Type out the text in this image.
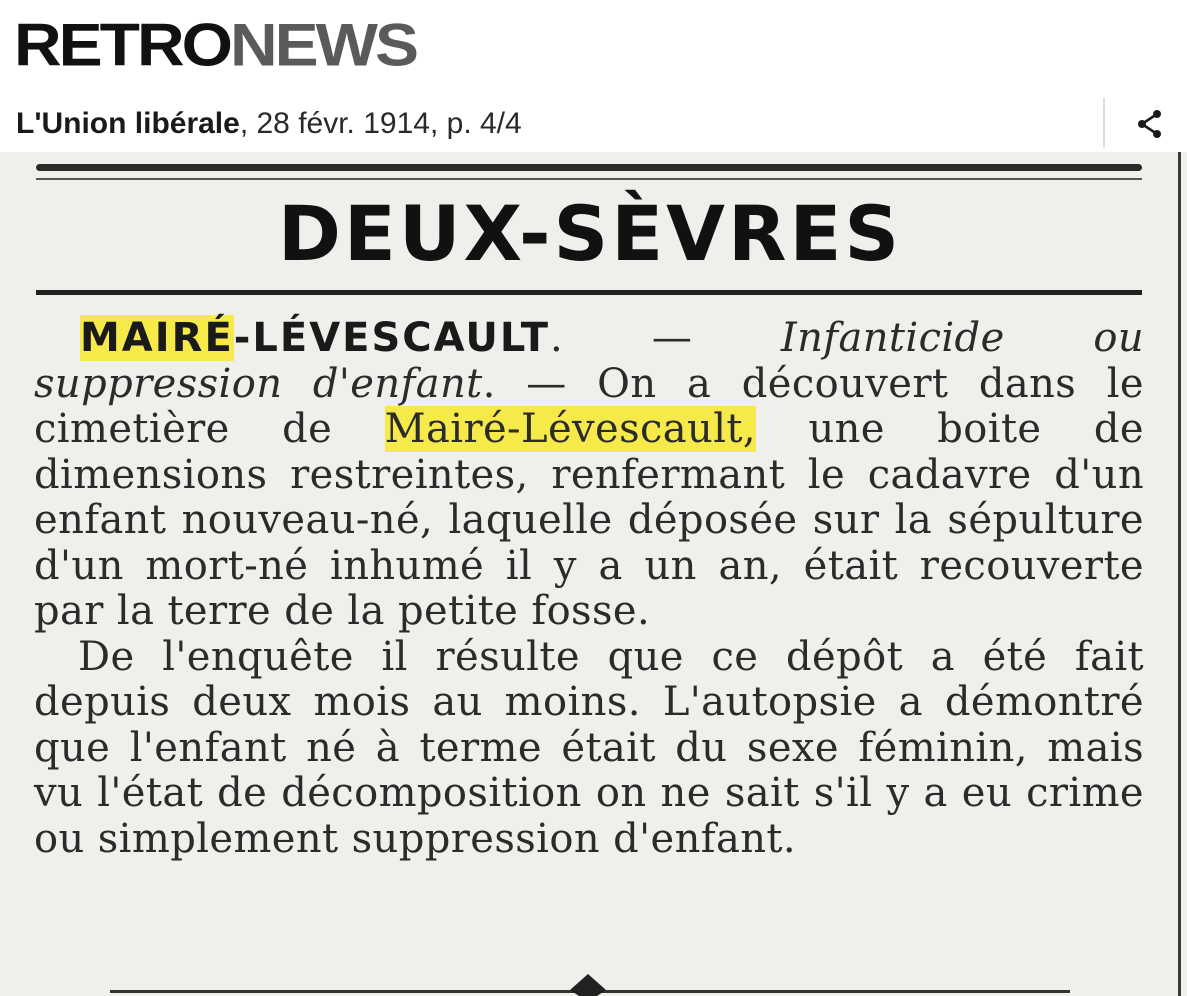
RETRONEWS
L'Union libérale, 28 févr. 1914, p. 4/4
DEUX-SÈVRES

MAIRÉ-LÉVESCAULT. — Infanticide ou suppression d'enfant. — On a découvert dans le cimetière de Mairé-Lévescault, une boite de dimensions restreintes, renfermant le cadavre d'un enfant nouveau-né, laquelle déposée sur la sépulture d'un mort-né inhumé il y a un an, était recouverte par la terre de la petite fosse.

De l'enquête il résulte que ce dépôt a été fait depuis deux mois au moins. L'autopsie a démontré que l'enfant né à terme était du sexe féminin, mais vu l'état de décomposition on ne sait s'il y a eu crime ou simplement suppression d'enfant.
